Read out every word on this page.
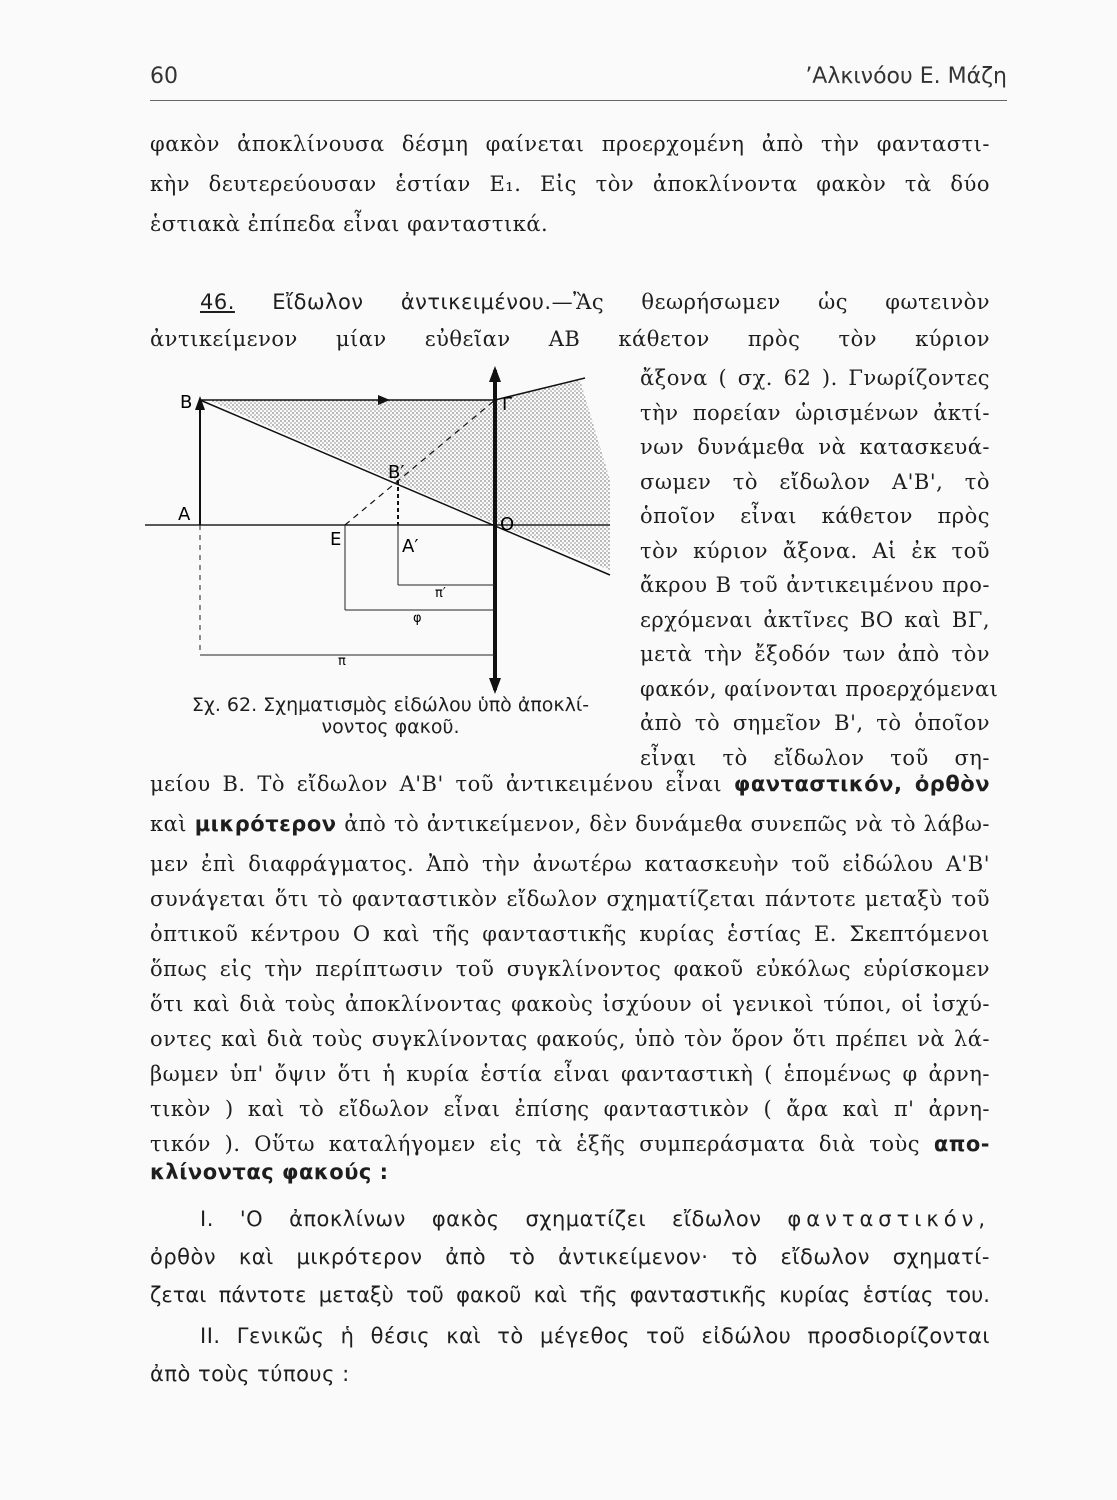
60	’Αλκινόου Ε. Μάζη
φακὸν ἀποκλίνουσα δέσμη φαίνεται προερχομένη ἀπὸ τὴν φανταστι-
κὴν δευτερεύουσαν ἑστίαν E₁. Εἰς τὸν ἀποκλίνοντα φακὸν τὰ δύο
ἑστιακὰ ἐπίπεδα εἶναι φανταστικά.
46. Εἴδωλον ἀντικειμένου.—Ἂς θεωρήσωμεν ὡς φωτεινὸν
ἀντικείμενον μίαν εὐθεῖαν ΑΒ κάθετον πρὸς τὸν κύριον
ἄξονα ( σχ. 62 ). Γνωρίζοντες
τὴν πορείαν ὡρισμένων ἀκτί-
νων δυνάμεθα νὰ κατασκευά-
σωμεν τὸ εἴδωλον Α'Β', τὸ
ὁποῖον εἶναι κάθετον πρὸς
τὸν κύριον ἄξονα. Αἱ ἐκ τοῦ
ἄκρου Β τοῦ ἀντικειμένου προ-
ερχόμεναι ἀκτῖνες ΒΟ καὶ ΒΓ,
μετὰ τὴν ἔξοδόν των ἀπὸ τὸν
φακόν, φαίνονται προερχόμεναι
ἀπὸ τὸ σημεῖον Β', τὸ ὁποῖον
εἶναι τὸ εἴδωλον τοῦ ση-
B	Γ
B′
A	O
E	A′
π′
φ
π
Σχ. 62. Σχηματισμὸς εἰδώλου ὑπὸ ἀποκλί-
νοντος φακοῦ.
μείου Β. Τὸ εἴδωλον Α'Β' τοῦ ἀντικειμένου εἶναι φανταστικόν, ὀρθὸν
καὶ μικρότερον ἀπὸ τὸ ἀντικείμενον, δὲν δυνάμεθα συνεπῶς νὰ τὸ λάβω-
μεν ἐπὶ διαφράγματος. Ἀπὸ τὴν ἀνωτέρω κατασκευὴν τοῦ εἰδώλου Α'Β'
συνάγεται ὅτι τὸ φανταστικὸν εἴδωλον σχηματίζεται πάντοτε μεταξὺ τοῦ
ὀπτικοῦ κέντρου Ο καὶ τῆς φανταστικῆς κυρίας ἑστίας Ε. Σκεπτόμενοι
ὅπως εἰς τὴν περίπτωσιν τοῦ συγκλίνοντος φακοῦ εὐκόλως εὑρίσκομεν
ὅτι καὶ διὰ τοὺς ἀποκλίνοντας φακοὺς ἰσχύουν οἱ γενικοὶ τύποι, οἱ ἰσχύ-
οντες καὶ διὰ τοὺς συγκλίνοντας φακούς, ὑπὸ τὸν ὅρον ὅτι πρέπει νὰ λά-
βωμεν ὑπ' ὄψιν ὅτι ἡ κυρία ἑστία εἶναι φανταστικὴ ( ἑπομένως φ ἀρνη-
τικὸν ) καὶ τὸ εἴδωλον εἶναι ἐπίσης φανταστικὸν ( ἄρα καὶ π' ἀρνη-
τικόν ). Οὕτω καταλήγομεν εἰς τὰ ἑξῆς συμπεράσματα διὰ τοὺς απο-
κλίνοντας φακούς :
I. 'Ο ἀποκλίνων φακὸς σχηματίζει εἴδωλον φανταστικόν,
ὀρθὸν καὶ μικρότερον ἀπὸ τὸ ἀντικείμενον· τὸ εἴδωλον σχηματί-
ζεται πάντοτε μεταξὺ τοῦ φακοῦ καὶ τῆς φανταστικῆς κυρίας ἑστίας του.
II. Γενικῶς ἡ θέσις καὶ τὸ μέγεθος τοῦ εἰδώλου προσδιορίζονται
ἀπὸ τοὺς τύπους :
